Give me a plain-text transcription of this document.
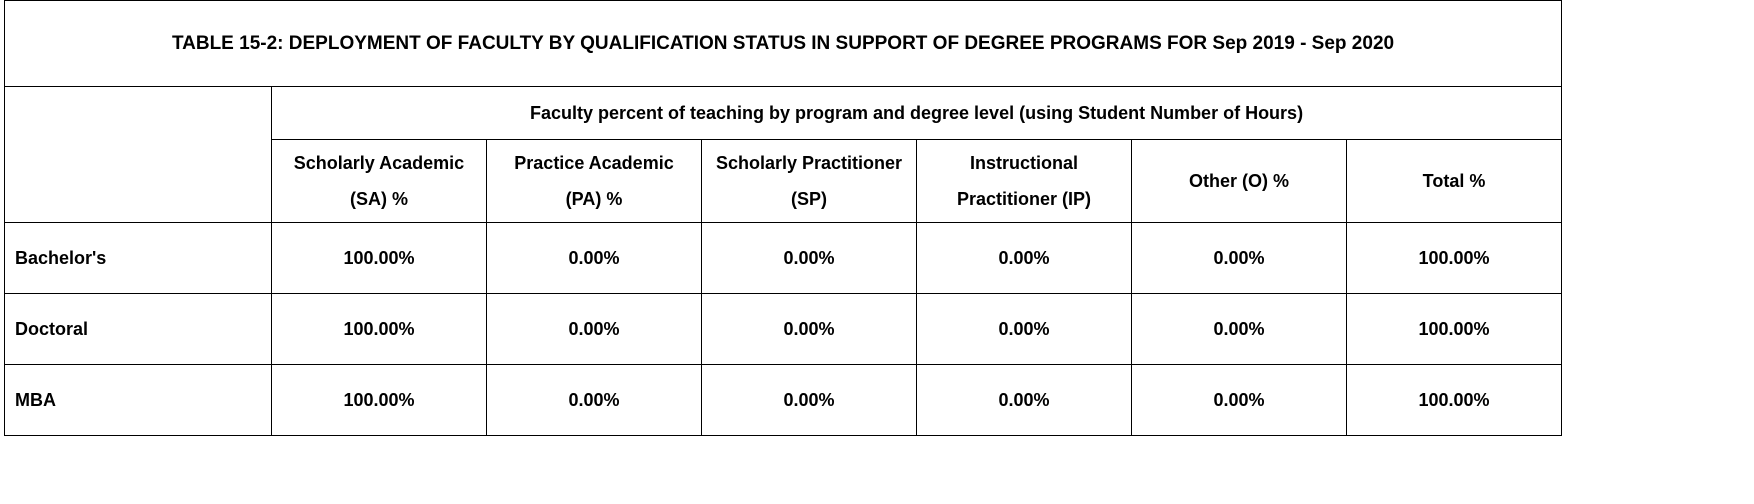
TABLE 15-2: DEPLOYMENT OF FACULTY BY QUALIFICATION STATUS IN SUPPORT OF DEGREE PROGRAMS FOR Sep 2019 - Sep 2020						
	Faculty percent of teaching by program and degree level (using Student Number of Hours)					
	Scholarly Academic (SA) %	Practice Academic (PA) %	Scholarly Practitioner (SP)	Instructional Practitioner (IP)	Other (O) %	Total %
Bachelor's	100.00%	0.00%	0.00%	0.00%	0.00%	100.00%
Doctoral	100.00%	0.00%	0.00%	0.00%	0.00%	100.00%
MBA	100.00%	0.00%	0.00%	0.00%	0.00%	100.00%
